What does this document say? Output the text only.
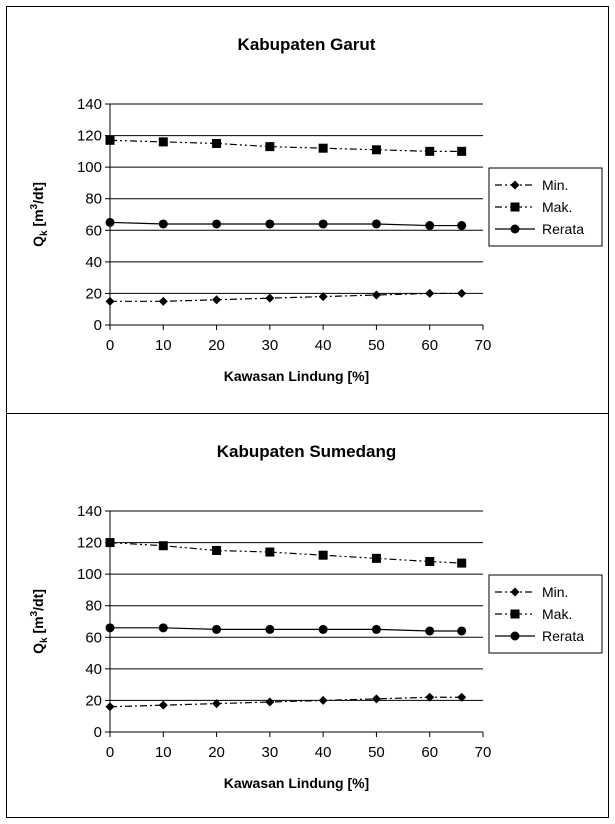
Kabupaten Garut
0
20
40
60
80
100
120
140
0	10 20 30 40 50 60 70
Kawasan Lindung [%]
$Q_k$ $[m^3/dt]$	Min.
Mak.
Rerata
Kabupaten Sumedang
0
20
40
60
80
100
120
140
0	10 20 30 40 50 60 70
Kawasan Lindung [%]
$Q_k$ $[m^3/dt]$	Min.
Mak.
Rerata
